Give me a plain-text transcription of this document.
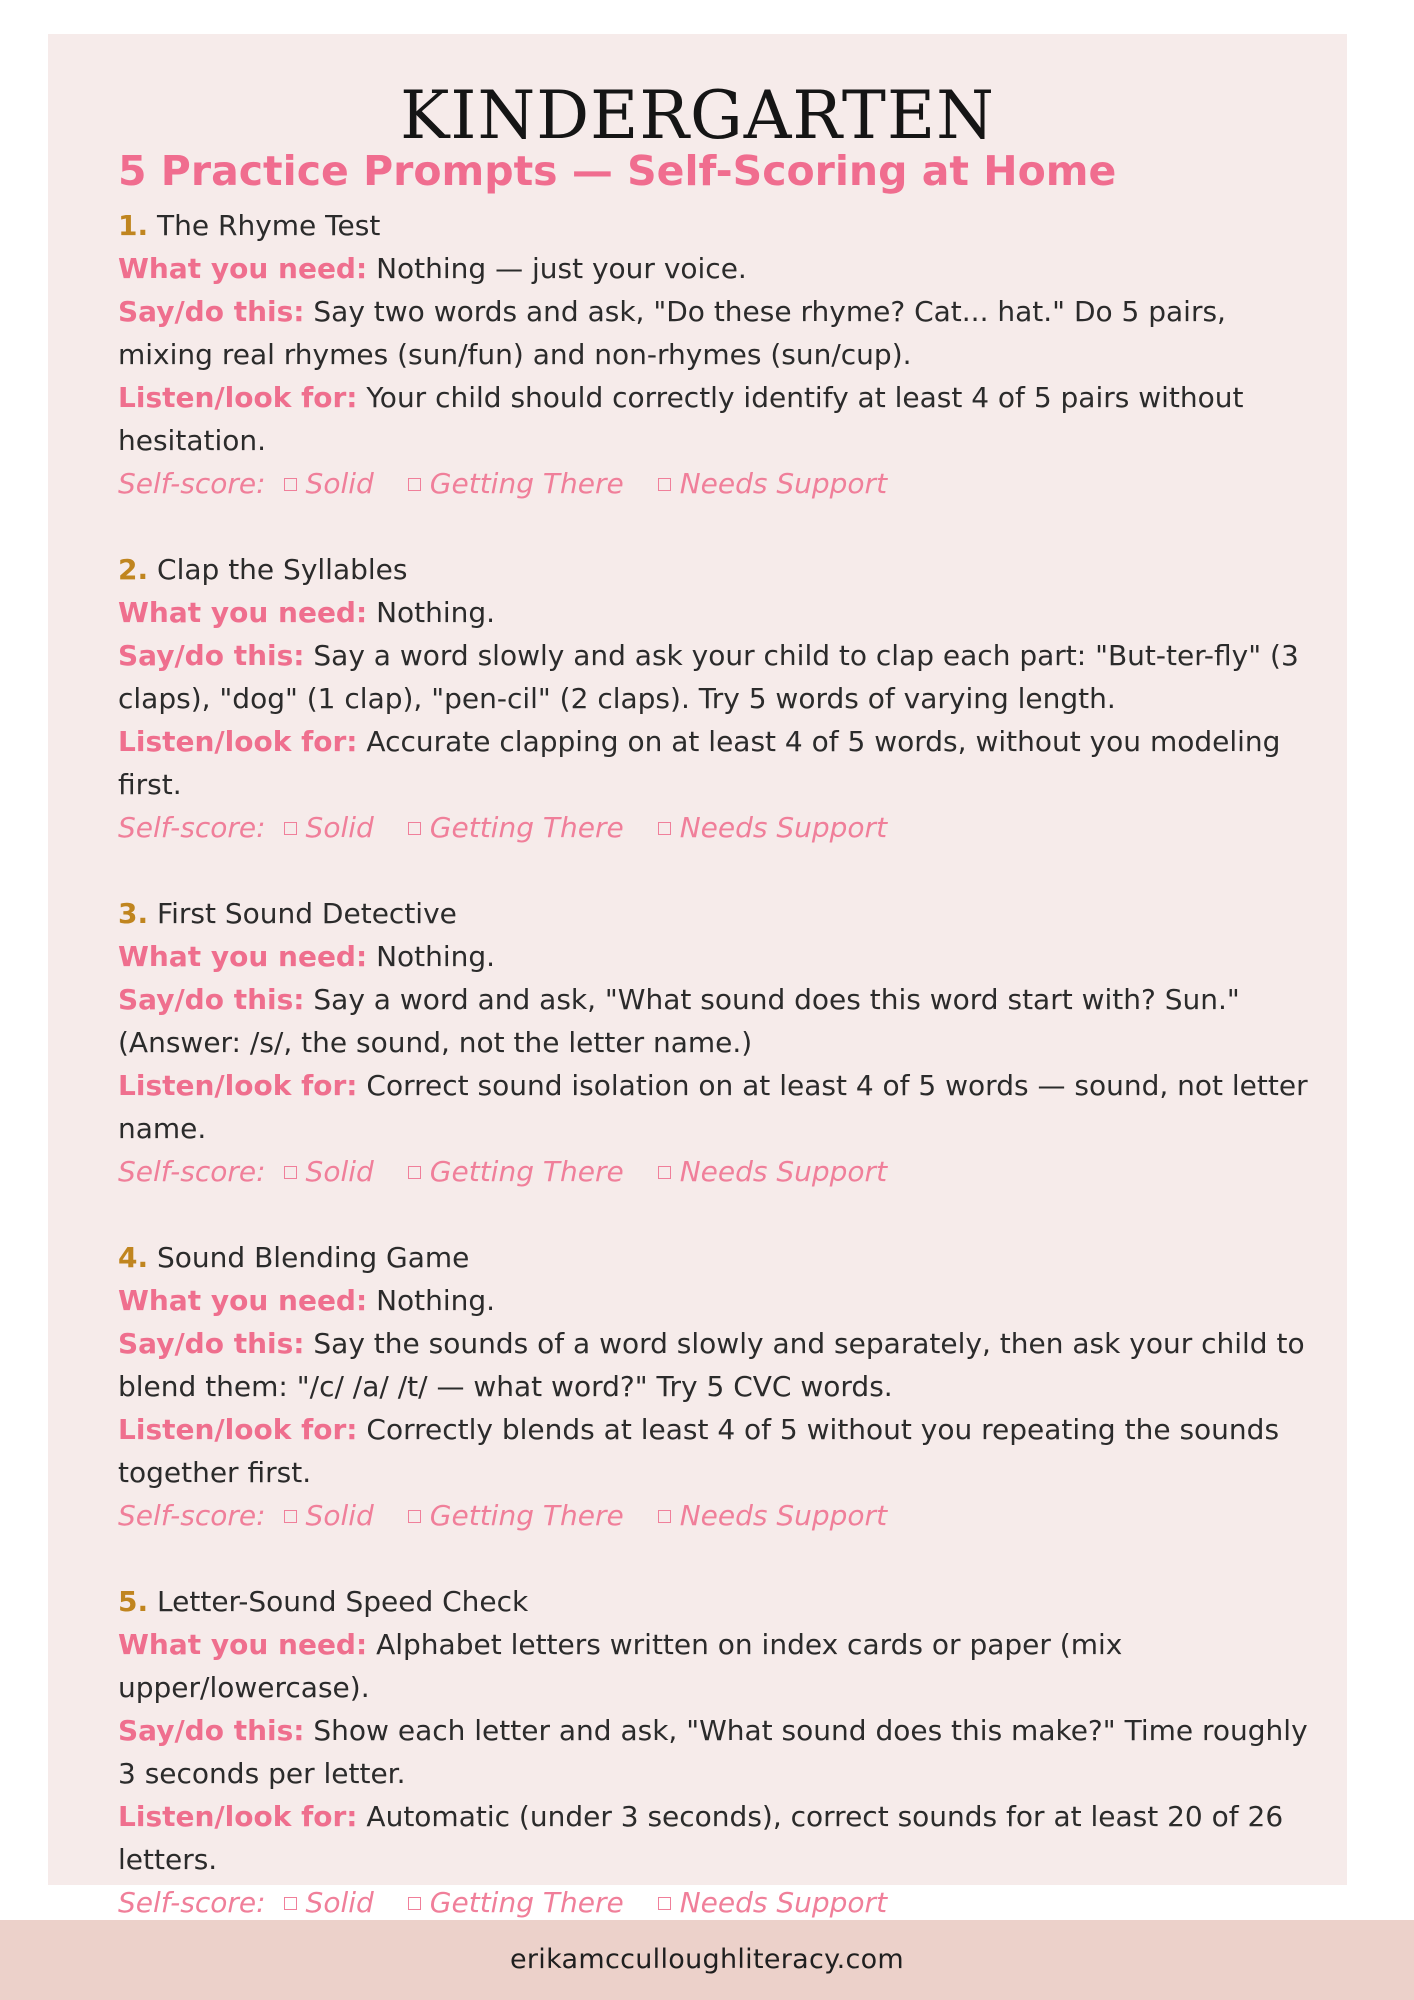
KINDERGARTEN
5 Practice Prompts — Self-Scoring at Home
1. The Rhyme Test
What you need: Nothing — just your voice.
Say/do this: Say two words and ask, "Do these rhyme? Cat... hat." Do 5 pairs, mixing real rhymes (sun/fun) and non-rhymes (sun/cup).
Listen/look for: Your child should correctly identify at least 4 of 5 pairs without hesitation.
Self-score: Solid Getting There Needs Support
2. Clap the Syllables
What you need: Nothing.
Say/do this: Say a word slowly and ask your child to clap each part: "But-ter-fly" (3 claps), "dog" (1 clap), "pen-cil" (2 claps). Try 5 words of varying length.
Listen/look for: Accurate clapping on at least 4 of 5 words, without you modeling first.
Self-score: Solid Getting There Needs Support
3. First Sound Detective
What you need: Nothing.
Say/do this: Say a word and ask, "What sound does this word start with? Sun." (Answer: /s/, the sound, not the letter name.)
Listen/look for: Correct sound isolation on at least 4 of 5 words — sound, not letter name.
Self-score: Solid Getting There Needs Support
4. Sound Blending Game
What you need: Nothing.
Say/do this: Say the sounds of a word slowly and separately, then ask your child to blend them: "/c/ /a/ /t/ — what word?" Try 5 CVC words.
Listen/look for: Correctly blends at least 4 of 5 without you repeating the sounds together first.
Self-score: Solid Getting There Needs Support
5. Letter-Sound Speed Check
What you need: Alphabet letters written on index cards or paper (mix upper/lowercase).
Say/do this: Show each letter and ask, "What sound does this make?" Time roughly 3 seconds per letter.
Listen/look for: Automatic (under 3 seconds), correct sounds for at least 20 of 26 letters.
Self-score: Solid Getting There Needs Support
erikamcculloughliteracy.com
